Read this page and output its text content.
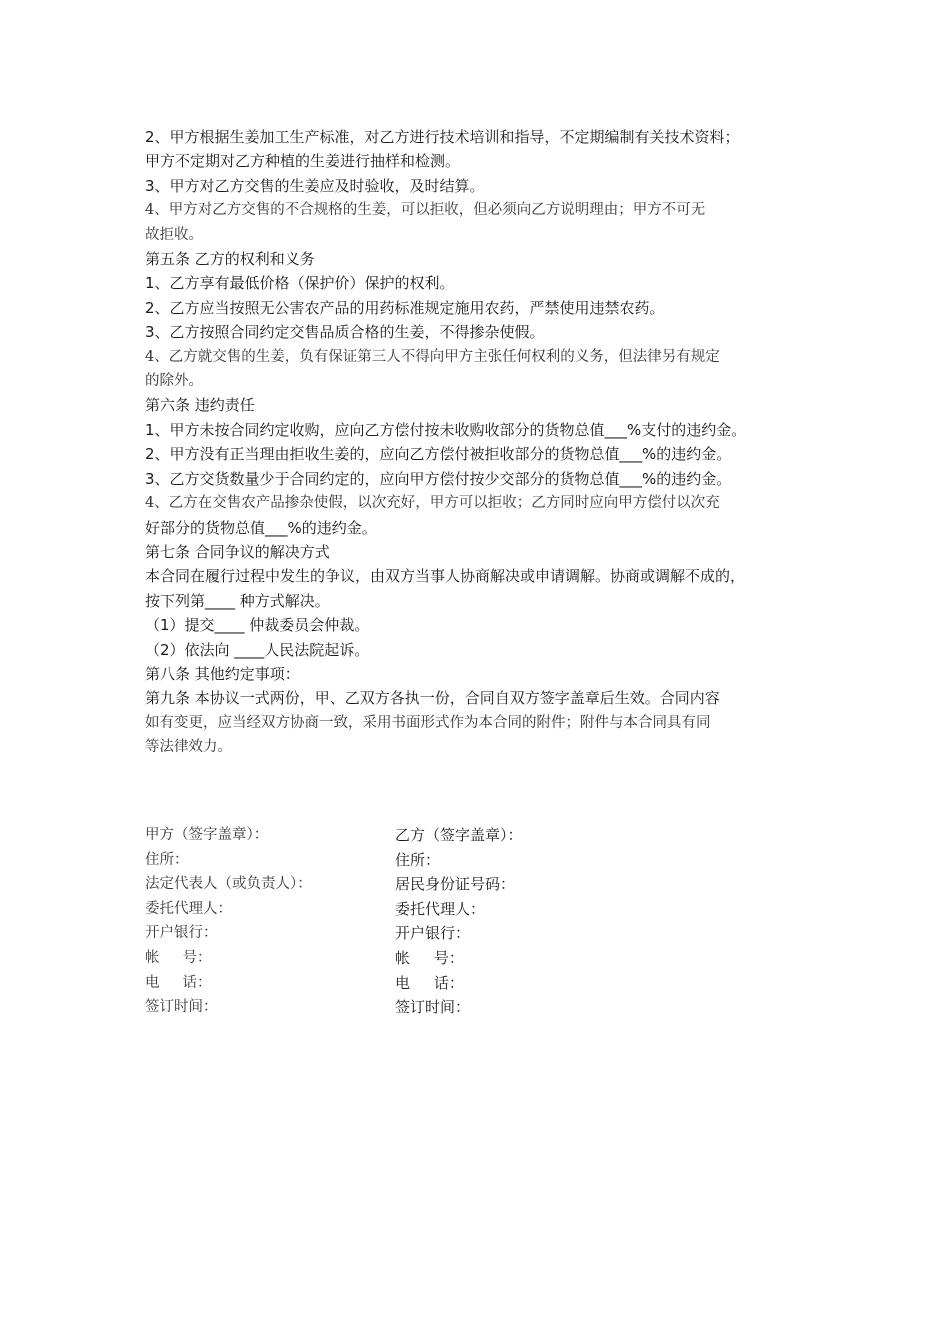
2、甲方根据生姜加工生产标准，对乙方进行技术培训和指导，不定期编制有关技术资料；

甲方不定期对乙方种植的生姜进行抽样和检测。

3、甲方对乙方交售的生姜应及时验收，及时结算。

4、甲方对乙方交售的不合规格的生姜，可以拒收，但必须向乙方说明理由；甲方不可无

故拒收。

第五条 乙方的权利和义务

1、乙方享有最低价格（保护价）保护的权利。

2、乙方应当按照无公害农产品的用药标准规定施用农药，严禁使用违禁农药。

3、乙方按照合同约定交售品质合格的生姜，不得掺杂使假。

4、乙方就交售的生姜，负有保证第三人不得向甲方主张任何权利的义务，但法律另有规定

的除外。

第六条 违约责任

1、甲方未按合同约定收购，应向乙方偿付按未收购收部分的货物总值___%支付的违约金。

2、甲方没有正当理由拒收生姜的，应向乙方偿付被拒收部分的货物总值___%的违约金。

3、乙方交货数量少于合同约定的，应向甲方偿付按少交部分的货物总值___%的违约金。

4、乙方在交售农产品掺杂使假，以次充好，甲方可以拒收；乙方同时应向甲方偿付以次充

好部分的货物总值___%的违约金。

第七条 合同争议的解决方式

本合同在履行过程中发生的争议，由双方当事人协商解决或申请调解。协商或调解不成的，

按下列第____ 种方式解决。

（1）提交____ 仲裁委员会仲裁。

（2）依法向 ____人民法院起诉。

第八条 其他约定事项：

第九条 本协议一式两份，甲、乙双方各执一份，合同自双方签字盖章后生效。合同内容

如有变更，应当经双方协商一致，采用书面形式作为本合同的附件；附件与本合同具有同

等法律效力。

甲方（签字盖章）：	乙方（签字盖章）：
住所：	住所：
法定代表人（或负责人）：	居民身份证号码：
委托代理人：	委托代理人：
开户银行：	开户银行：
帐     号：	帐     号：
电     话：	电     话：
签订时间：	签订时间：
